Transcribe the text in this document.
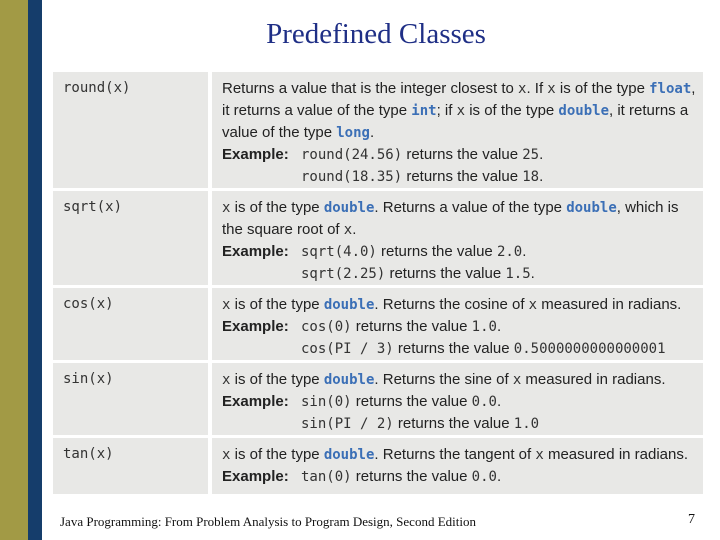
Predefined Classes
round(x)	Returns a value that is the integer closest to x. If x is of the type float,
it returns a value of the type int; if x is of the type double, it returns a
value of the type long.
Example: round(24.56) returns the value 25.
round(18.35) returns the value 18.

sqrt(x)	x is of the type double. Returns a value of the type double, which is
the square root of x.
Example: sqrt(4.0) returns the value 2.0.
sqrt(2.25) returns the value 1.5.

cos(x)	x is of the type double. Returns the cosine of x measured in radians.
Example: cos(0) returns the value 1.0.
cos(PI / 3) returns the value 0.5000000000000001

sin(x)	x is of the type double. Returns the sine of x measured in radians.
Example: sin(0) returns the value 0.0.
sin(PI / 2) returns the value 1.0

tan(x)	x is of the type double. Returns the tangent of x measured in radians.
Example: tan(0) returns the value 0.0.
Java Programming: From Problem Analysis to Program Design, Second Edition	7
